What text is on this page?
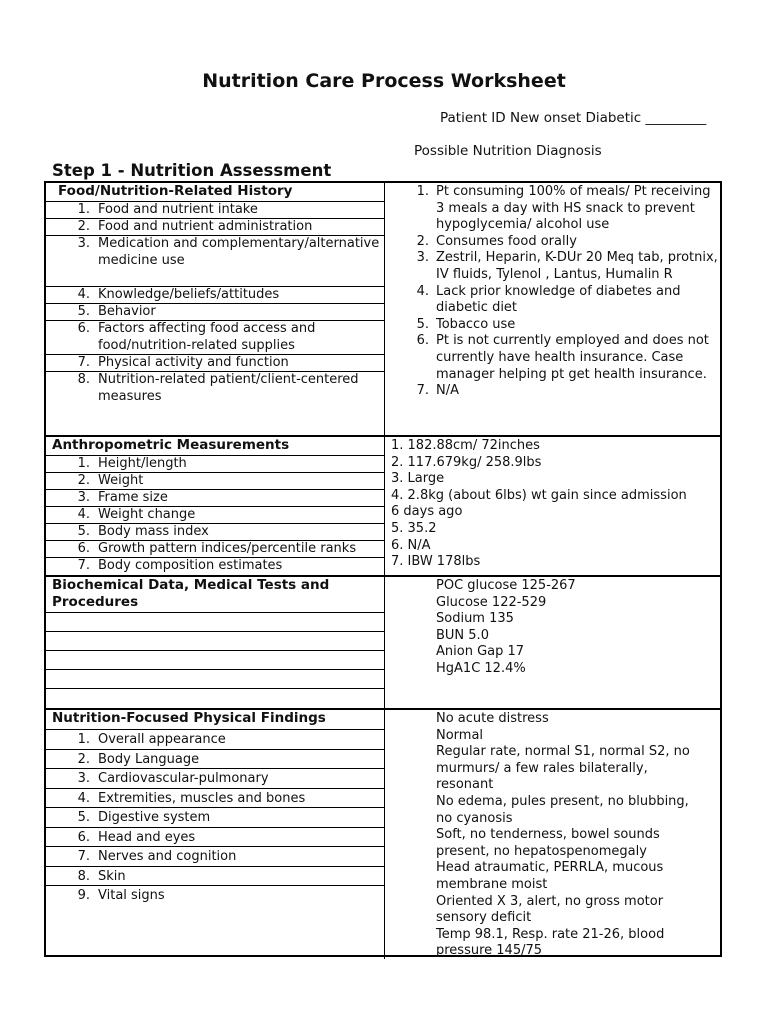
Nutrition Care Process Worksheet
Patient ID New onset Diabetic _________
Possible Nutrition Diagnosis
Step 1 - Nutrition Assessment
Food/Nutrition-Related History
1. Food and nutrient intake
2. Food and nutrient administration
3. Medication and complementary/alternative medicine use
4. Knowledge/beliefs/attitudes
5. Behavior
6. Factors affecting food access and food/nutrition-related supplies
7. Physical activity and function
8. Nutrition-related patient/client-centered measures
1. Pt consuming 100% of meals/ Pt receiving 3 meals a day with HS snack to prevent hypoglycemia/ alcohol use
2. Consumes food orally
3. Zestril, Heparin, K-DUr 20 Meq tab, protnix, IV fluids, Tylenol , Lantus, Humalin R
4. Lack prior knowledge of diabetes and diabetic diet
5. Tobacco use
6. Pt is not currently employed and does not currently have health insurance. Case manager helping pt get health insurance.
7. N/A
Anthropometric Measurements
1. Height/length
2. Weight
3. Frame size
4. Weight change
5. Body mass index
6. Growth pattern indices/percentile ranks
7. Body composition estimates
1. 182.88cm/ 72inches
2. 117.679kg/ 258.9lbs
3. Large
4. 2.8kg (about 6lbs) wt gain since admission
6 days ago
5. 35.2
6. N/A
7. IBW 178lbs
Biochemical Data, Medical Tests and
Procedures
POC glucose 125-267
Glucose 122-529
Sodium 135
BUN 5.0
Anion Gap 17
HgA1C 12.4%
Nutrition-Focused Physical Findings
1. Overall appearance
2. Body Language
3. Cardiovascular-pulmonary
4. Extremities, muscles and bones
5. Digestive system
6. Head and eyes
7. Nerves and cognition
8. Skin
9. Vital signs
No acute distress
Normal
Regular rate, normal S1, normal S2, no
murmurs/ a few rales bilaterally,
resonant
No edema, pules present, no blubbing,
no cyanosis
Soft, no tenderness, bowel sounds
present, no hepatospenomegaly
Head atraumatic, PERRLA, mucous
membrane moist
Oriented X 3, alert, no gross motor
sensory deficit
Temp 98.1, Resp. rate 21-26, blood
pressure 145/75
